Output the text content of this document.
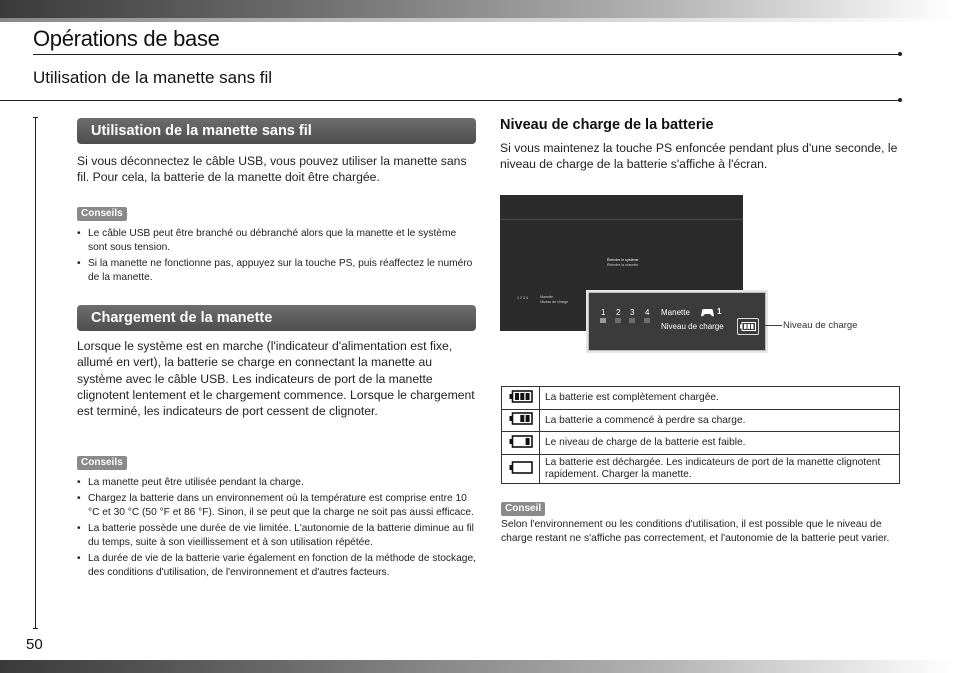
Opérations de base
Utilisation de la manette sans fil
Utilisation de la manette sans fil
Si vous déconnectez le câble USB, vous pouvez utiliser la manette sans fil. Pour cela, la batterie de la manette doit être chargée.
Conseils
• Le câble USB peut être branché ou débranché alors que la manette et le système sont sous tension.
• Si la manette ne fonctionne pas, appuyez sur la touche PS, puis réaffectez le numéro de la manette.
Chargement de la manette
Lorsque le système est en marche (l'indicateur d'alimentation est fixe, allumé en vert), la batterie se charge en connectant la manette au système avec le câble USB. Les indicateurs de port de la manette clignotent lentement et le chargement commence. Lorsque le chargement est terminé, les indicateurs de port cessent de clignoter.
Conseils
• La manette peut être utilisée pendant la charge.
• Chargez la batterie dans un environnement où la température est comprise entre 10 °C et 30 °C (50 °F et 86 °F). Sinon, il se peut que la charge ne soit pas aussi efficace.
• La batterie possède une durée de vie limitée. L'autonomie de la batterie diminue au fil du temps, suite à son vieillissement et à son utilisation répétée.
• La durée de vie de la batterie varie également en fonction de la méthode de stockage, des conditions d'utilisation, de l'environnement et d'autres facteurs.
Niveau de charge de la batterie
Si vous maintenez la touche PS enfoncée pendant plus d'une seconde, le niveau de charge de la batterie s'affiche à l'écran.
Éteindre le système
Éteindre la manette
1 2 3 4	Manette
Niveau de charge
1 2 3 4 Manette	1
Niveau de charge	Niveau de charge
	La batterie est complètement chargée.
	La batterie a commencé à perdre sa charge.
	Le niveau de charge de la batterie est faible.
	La batterie est déchargée. Les indicateurs de port de la manette clignotent rapidement. Charger la manette.
Conseil
Selon l'environnement ou les conditions d'utilisation, il est possible que le niveau de charge restant ne s'affiche pas correctement, et l'autonomie de la batterie peut varier.
50
